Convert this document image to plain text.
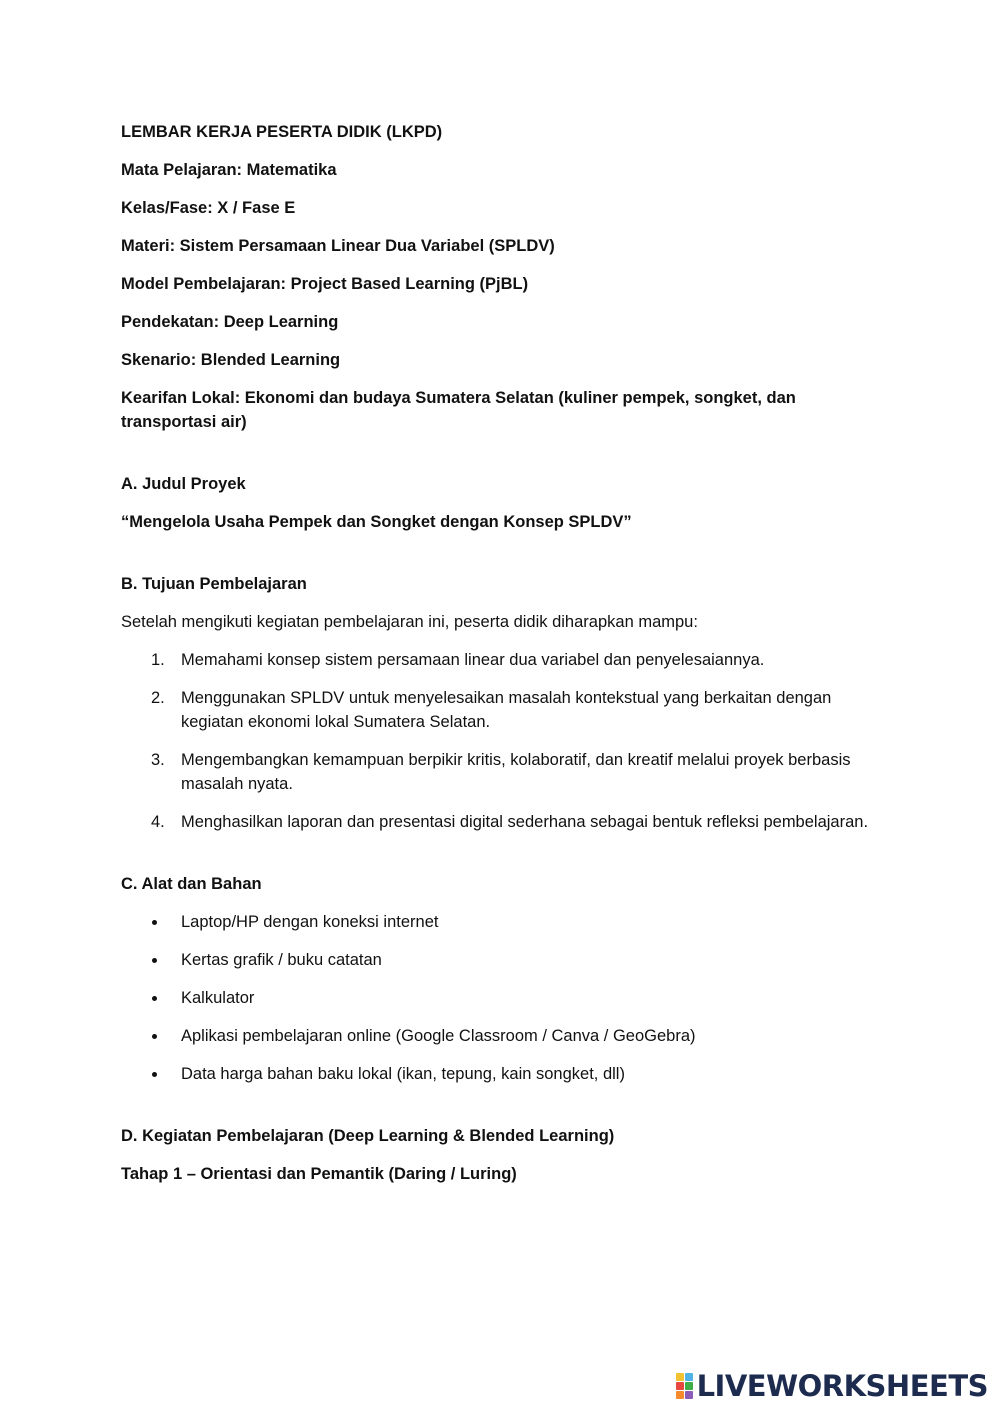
LEMBAR KERJA PESERTA DIDIK (LKPD)
Mata Pelajaran: Matematika
Kelas/Fase: X / Fase E
Materi: Sistem Persamaan Linear Dua Variabel (SPLDV)
Model Pembelajaran: Project Based Learning (PjBL)
Pendekatan: Deep Learning
Skenario: Blended Learning
Kearifan Lokal: Ekonomi dan budaya Sumatera Selatan (kuliner pempek, songket, dan transportasi air)
A. Judul Proyek
“Mengelola Usaha Pempek dan Songket dengan Konsep SPLDV”
B. Tujuan Pembelajaran
Setelah mengikuti kegiatan pembelajaran ini, peserta didik diharapkan mampu:
1. Memahami konsep sistem persamaan linear dua variabel dan penyelesaiannya.
2. Menggunakan SPLDV untuk menyelesaikan masalah kontekstual yang berkaitan dengan kegiatan ekonomi lokal Sumatera Selatan.
3. Mengembangkan kemampuan berpikir kritis, kolaboratif, dan kreatif melalui proyek berbasis masalah nyata.
4. Menghasilkan laporan dan presentasi digital sederhana sebagai bentuk refleksi pembelajaran.
C. Alat dan Bahan
Laptop/HP dengan koneksi internet
Kertas grafik / buku catatan
Kalkulator
Aplikasi pembelajaran online (Google Classroom / Canva / GeoGebra)
Data harga bahan baku lokal (ikan, tepung, kain songket, dll)
D. Kegiatan Pembelajaran (Deep Learning & Blended Learning)
Tahap 1 – Orientasi dan Pemantik (Daring / Luring)
LIVEWORKSHEETS
